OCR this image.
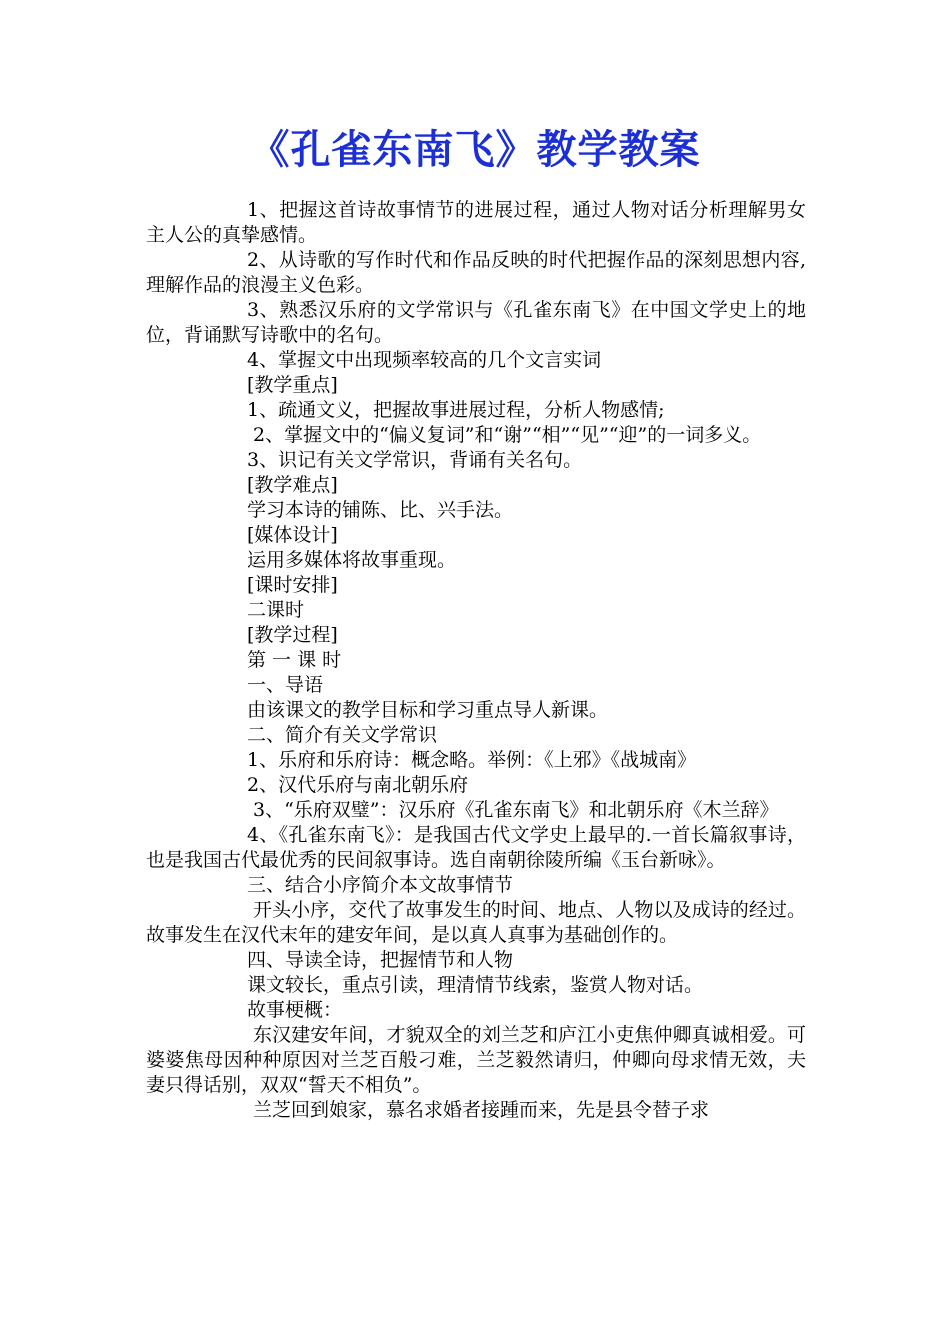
《孔雀东南飞》教学教案

1、把握这首诗故事情节的进展过程，通过人物对话分析理解男女主人公的真挚感情。

2、从诗歌的写作时代和作品反映的时代把握作品的深刻思想内容,理解作品的浪漫主义色彩。

3、熟悉汉乐府的文学常识与《孔雀东南飞》在中国文学史上的地位，背诵默写诗歌中的名句。

4、掌握文中出现频率较高的几个文言实词

[教学重点]

1、疏通文义，把握故事进展过程，分析人物感情;

2、掌握文中的“偏义复词”和“谢”“相”“见”“迎”的一词多义。

3、识记有关文学常识，背诵有关名句。

[教学难点]

学习本诗的铺陈、比、兴手法。

[媒体设计]

运用多媒体将故事重现。

[课时安排]

二课时

[教学过程]

第 一 课 时

一、导语

由该课文的教学目标和学习重点导人新课。

二、简介有关文学常识

1、乐府和乐府诗：概念略。举例：《上邪》《战城南》

2、汉代乐府与南北朝乐府

3、“乐府双璧”：汉乐府《孔雀东南飞》和北朝乐府《木兰辞》

4、《孔雀东南飞》：是我国古代文学史上最早的.一首长篇叙事诗，也是我国古代最优秀的民间叙事诗。选自南朝徐陵所编《玉台新咏》。

三、结合小序简介本文故事情节

开头小序，交代了故事发生的时间、地点、人物以及成诗的经过。故事发生在汉代末年的建安年间，是以真人真事为基础创作的。

四、导读全诗，把握情节和人物

课文较长，重点引读，理清情节线索，鉴赏人物对话。

故事梗概：

东汉建安年间，才貌双全的刘兰芝和庐江小吏焦仲卿真诚相爱。可婆婆焦母因种种原因对兰芝百般刁难，兰芝毅然请归，仲卿向母求情无效，夫妻只得话别，双双“誓天不相负”。

兰芝回到娘家，慕名求婚者接踵而来，先是县令替子求
